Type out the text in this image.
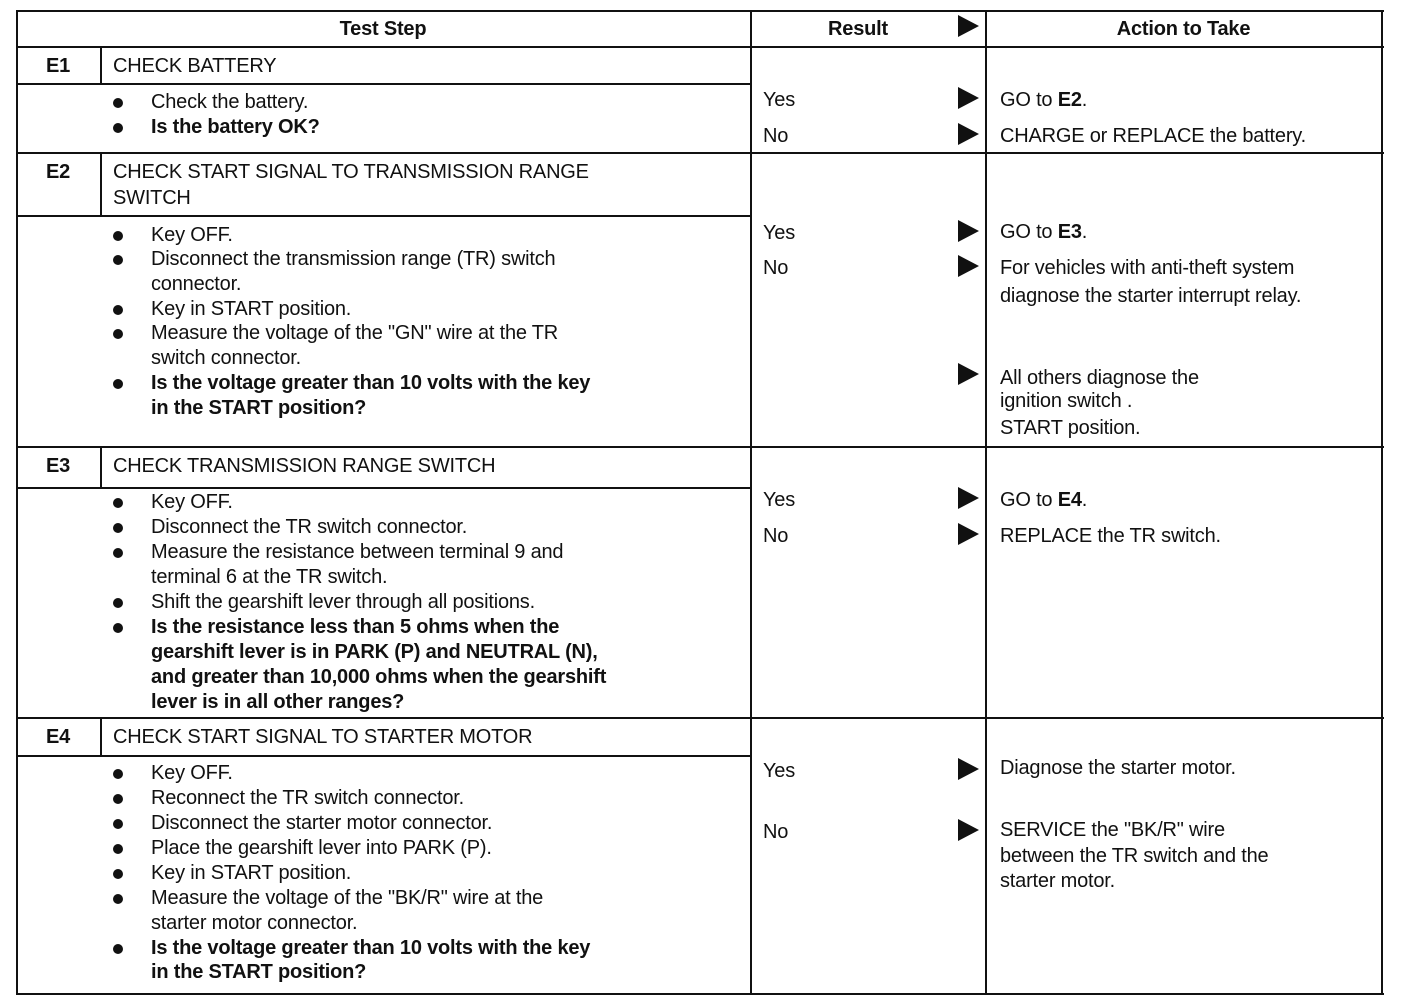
Test Step	Result	Action to Take
E1	CHECK BATTERY
Check the battery.
Is the battery OK?
Yes	GO to E2.
No	CHARGE or REPLACE the battery.
E2	CHECK START SIGNAL TO TRANSMISSION RANGE
SWITCH
Key OFF.
Disconnect the transmission range (TR) switch
connector.
Key in START position.
Measure the voltage of the "GN" wire at the TR
switch connector.
Is the voltage greater than 10 volts with the key
in the START position?
Yes	GO to E3.
No	For vehicles with anti-theft system
diagnose the starter interrupt relay.
All others diagnose the
ignition switch .
START position.
E3	CHECK TRANSMISSION RANGE SWITCH
Key OFF.
Disconnect the TR switch connector.
Measure the resistance between terminal 9 and
terminal 6 at the TR switch.
Shift the gearshift lever through all positions.
Is the resistance less than 5 ohms when the
gearshift lever is in PARK (P) and NEUTRAL (N),
and greater than 10,000 ohms when the gearshift
lever is in all other ranges?
Yes	GO to E4.
No	REPLACE the TR switch.
E4	CHECK START SIGNAL TO STARTER MOTOR
Key OFF.
Reconnect the TR switch connector.
Disconnect the starter motor connector.
Place the gearshift lever into PARK (P).
Key in START position.
Measure the voltage of the "BK/R" wire at the
starter motor connector.
Is the voltage greater than 10 volts with the key
in the START position?
Yes	Diagnose the starter motor.
No	SERVICE the "BK/R" wire
between the TR switch and the
starter motor.
